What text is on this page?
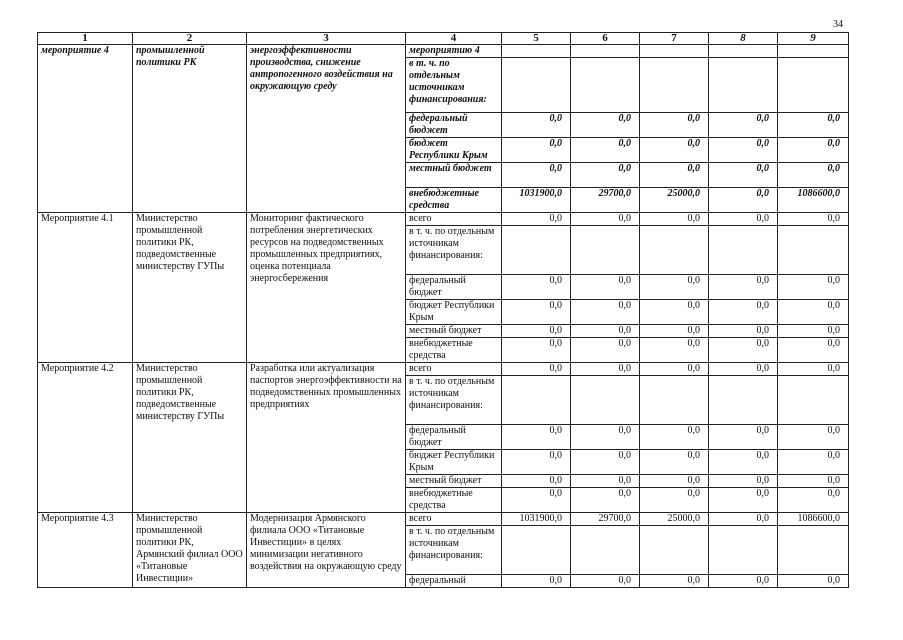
34
1	2	3	4	5	6	7	8	9
мероприятие 4	промышленной политики РК	энергоэффективности производства, снижение антропогенного воздействия на окружающую среду	мероприятию 4					
			в т. ч. по отдельным источникам финансирования:					
			федеральный бюджет	0,0	0,0	0,0	0,0	0,0
			бюджет Республики Крым	0,0	0,0	0,0	0,0	0,0
			местный бюджет	0,0	0,0	0,0	0,0	0,0
			внебюджетные средства	1031900,0	29700,0	25000,0	0,0	1086600,0
Мероприятие 4.1	Министерство промышленной политики РК, подведомственные министерству ГУПы	Мониторинг фактического потребления энергетических ресурсов на подведомственных промышленных предприятиях, оценка потенциала энергосбережения	всего	0,0	0,0	0,0	0,0	0,0
			в т. ч. по отдельным источникам финансирования:					
			федеральный бюджет	0,0	0,0	0,0	0,0	0,0
			бюджет Республики Крым	0,0	0,0	0,0	0,0	0,0
			местный бюджет	0,0	0,0	0,0	0,0	0,0
			внебюджетные средства	0,0	0,0	0,0	0,0	0,0
Мероприятие 4.2	Министерство промышленной политики РК, подведомственные министерству ГУПы	Разработка или актуализация паспортов энергоэффективности на подведомственных промышленных предприятиях	всего	0,0	0,0	0,0	0,0	0,0
			в т. ч. по отдельным источникам финансирования:					
			федеральный бюджет	0,0	0,0	0,0	0,0	0,0
			бюджет Республики Крым	0,0	0,0	0,0	0,0	0,0
			местный бюджет	0,0	0,0	0,0	0,0	0,0
			внебюджетные средства	0,0	0,0	0,0	0,0	0,0
Мероприятие 4.3	Министерство промышленной политики РК, Армянский филиал ООО «Титановые Инвестиции»	Модернизация Армянского филиала ООО «Титановые Инвестиции» в целях минимизации негативного воздействия на окружающую среду	всего	1031900,0	29700,0	25000,0	0,0	1086600,0
			в т. ч. по отдельным источникам финансирования:					
			федеральный	0,0	0,0	0,0	0,0	0,0
